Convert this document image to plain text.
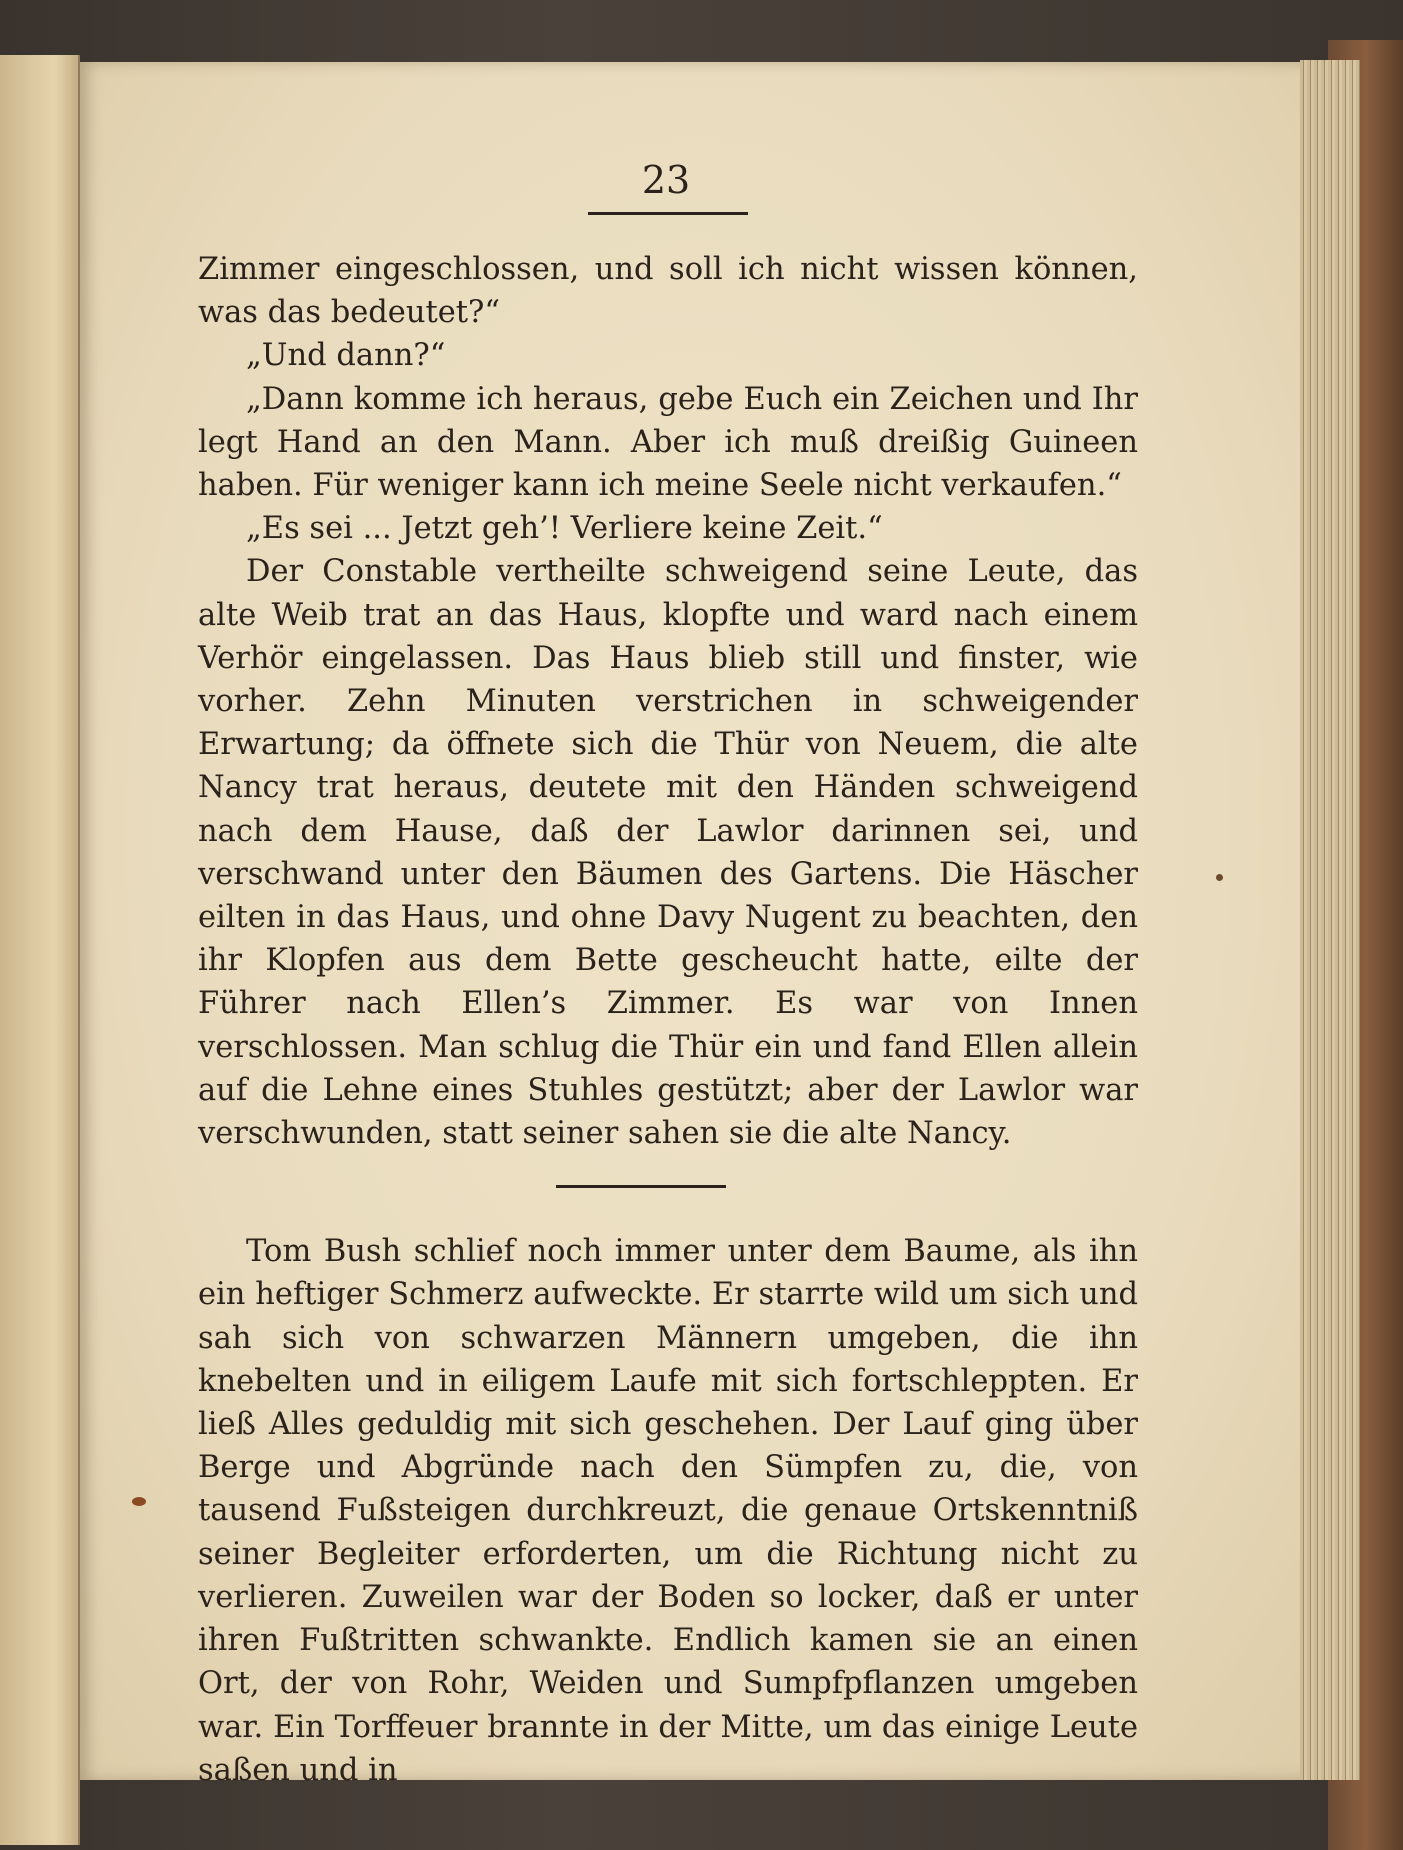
23

Zimmer eingeschlossen, und soll ich nicht wissen können, was das bedeutet?“

„Und dann?“

„Dann komme ich heraus, gebe Euch ein Zeichen und Ihr legt Hand an den Mann. Aber ich muß dreißig Guineen haben. Für weniger kann ich meine Seele nicht verkaufen.“

„Es sei ... Jetzt geh’! Verliere keine Zeit.“

Der Constable vertheilte schweigend seine Leute, das alte Weib trat an das Haus, klopfte und ward nach einem Verhör eingelassen. Das Haus blieb still und finster, wie vorher. Zehn Minuten verstrichen in schweigender Erwartung; da öffnete sich die Thür von Neuem, die alte Nancy trat heraus, deutete mit den Händen schweigend nach dem Hause, daß der Lawlor darinnen sei, und verschwand unter den Bäumen des Gartens. Die Häscher eilten in das Haus, und ohne Davy Nugent zu beachten, den ihr Klopfen aus dem Bette gescheucht hatte, eilte der Führer nach Ellen’s Zimmer. Es war von Innen verschlossen. Man schlug die Thür ein und fand Ellen allein auf die Lehne eines Stuhles gestützt; aber der Lawlor war verschwunden, statt seiner sahen sie die alte Nancy.

Tom Bush schlief noch immer unter dem Baume, als ihn ein heftiger Schmerz aufweckte. Er starrte wild um sich und sah sich von schwarzen Männern umgeben, die ihn knebelten und in eiligem Laufe mit sich fortschleppten. Er ließ Alles geduldig mit sich geschehen. Der Lauf ging über Berge und Abgründe nach den Sümpfen zu, die, von tausend Fußsteigen durchkreuzt, die genaue Ortskenntniß seiner Begleiter erforderten, um die Richtung nicht zu verlieren. Zuweilen war der Boden so locker, daß er unter ihren Fußtritten schwankte. Endlich kamen sie an einen Ort, der von Rohr, Weiden und Sumpfpflanzen umgeben war. Ein Torffeuer brannte in der Mitte, um das einige Leute saßen und in
